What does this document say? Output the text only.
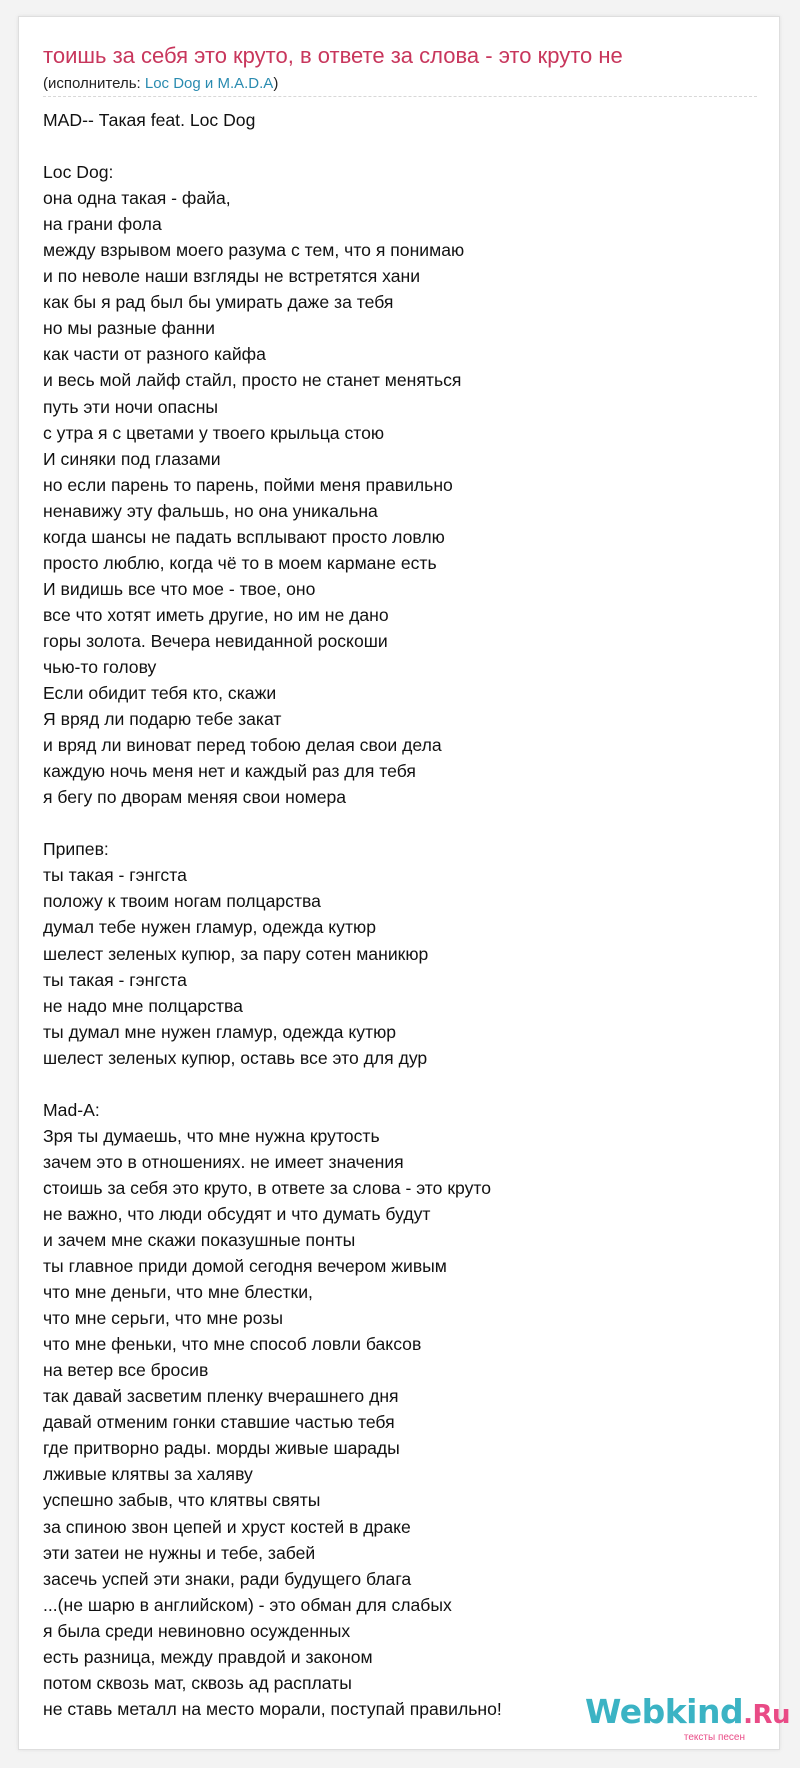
тоишь за себя это круто, в ответе за слова - это круто не
(исполнитель: Loc Dog и M.A.D.A)
MAD-- Такая feat. Loc Dog
Loc Dog:
она одна такая - файа,
на грани фола
между взрывом моего разума с тем, что я понимаю
и по неволе наши взгляды не встретятся хани
как бы я рад был бы умирать даже за тебя
но мы разные фанни
как части от разного кайфа
и весь мой лайф стайл, просто не станет меняться
путь эти ночи опасны
с утра я с цветами у твоего крыльца стою
И синяки под глазами
но если парень то парень, пойми меня правильно
ненавижу эту фальшь, но она уникальна
когда шансы не падать всплывают просто ловлю
просто люблю, когда чё то в моем кармане есть
И видишь все что мое - твое, оно
все что хотят иметь другие, но им не дано
горы золота. Вечера невиданной роскоши
чью-то голову
Если обидит тебя кто, скажи
Я вряд ли подарю тебе закат
и вряд ли виноват перед тобою делая свои дела
каждую ночь меня нет и каждый раз для тебя
я бегу по дворам меняя свои номера
Припев:
ты такая - гэнгста
положу к твоим ногам полцарства
думал тебе нужен гламур, одежда кутюр
шелест зеленых купюр, за пару сотен маникюр
ты такая - гэнгста
не надо мне полцарства
ты думал мне нужен гламур, одежда кутюр
шелест зеленых купюр, оставь все это для дур
Mad-A:
Зря ты думаешь, что мне нужна крутость
зачем это в отношениях. не имеет значения
стоишь за себя это круто, в ответе за слова - это круто
не важно, что люди обсудят и что думать будут
и зачем мне скажи показушные понты
ты главное приди домой сегодня вечером живым
что мне деньги, что мне блестки,
что мне серьги, что мне розы
что мне феньки, что мне способ ловли баксов
на ветер все бросив
так давай засветим пленку вчерашнего дня
давай отменим гонки ставшие частью тебя
где притворно рады. морды живые шарады
лживые клятвы за халяву
успешно забыв, что клятвы святы
за спиною звон цепей и хруст костей в драке
эти затеи не нужны и тебе, забей
засечь успей эти знаки, ради будущего блага
...(не шарю в английском) - это обман для слабых
я была среди невиновно осужденных
есть разница, между правдой и законом
потом сквозь мат, сквозь ад расплаты
не ставь металл на место морали, поступай правильно!	Webkind.Ru
тексты песен
